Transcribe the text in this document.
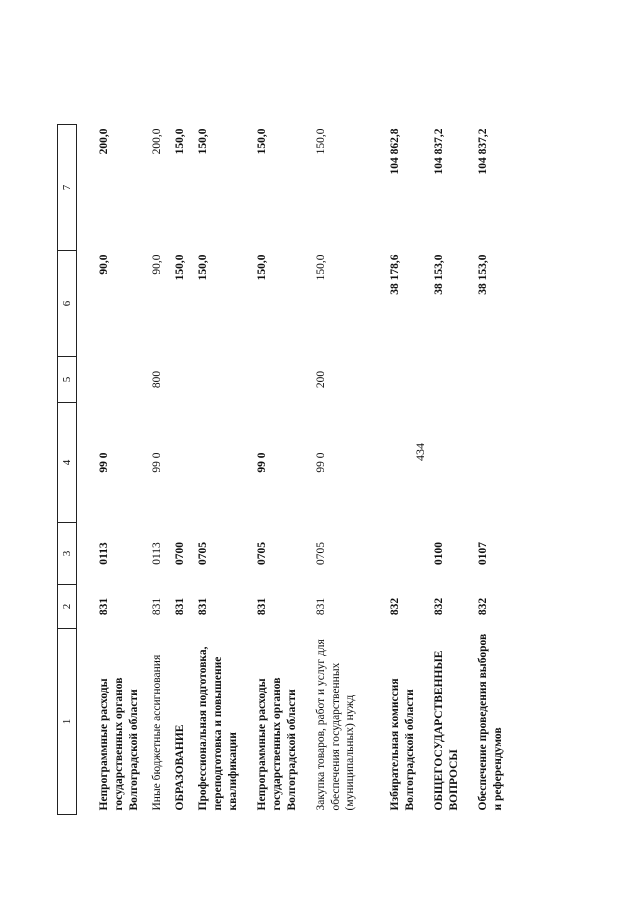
434
1	2	3	4	5	6	7
Непрограммные расходы государственных органов Волгоградской области	831	0113	99 0		90,0	200,0
Иные бюджетные ассигнования	831	0113	99 0	800	90,0	200,0
ОБРАЗОВАНИЕ	831	0700			150,0	150,0
Профессиональная подготовка, переподготовка и повышение квалификации	831	0705			150,0	150,0
Непрограммные расходы государственных органов Волгоградской области	831	0705	99 0		150,0	150,0
Закупка товаров, работ и услуг для обеспечения государственных (муниципальных) нужд	831	0705	99 0	200	150,0	150,0
Избирательная комиссия Волгоградской области	832				38 178,6	104 862,8
ОБЩЕГОСУДАРСТВЕННЫЕ ВОПРОСЫ	832	0100			38 153,0	104 837,2
Обеспечение проведения выборов и референдумов	832	0107			38 153,0	104 837,2
